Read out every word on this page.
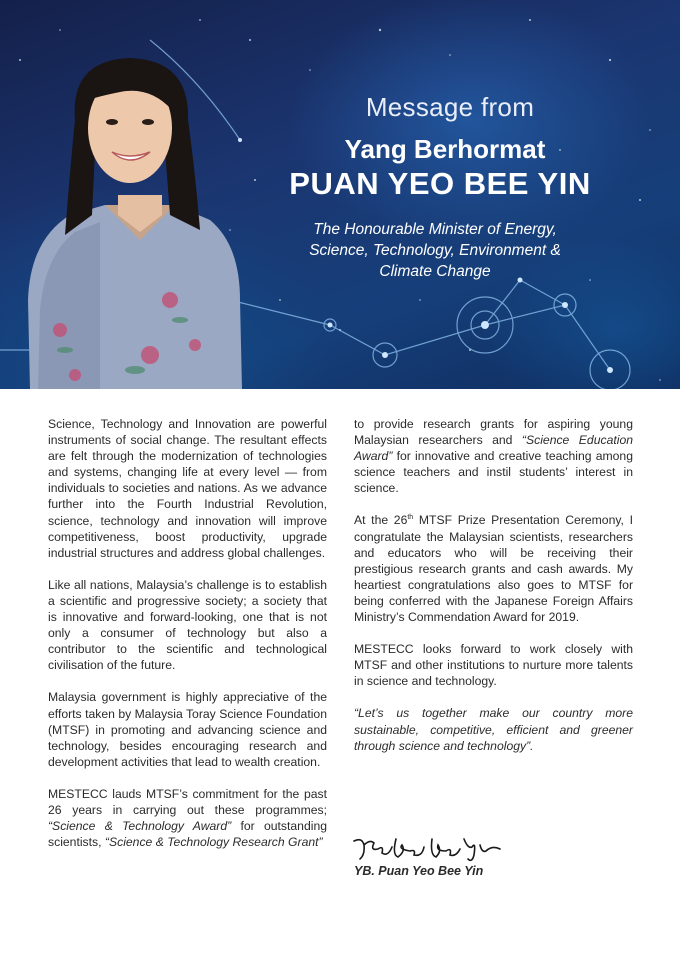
Message from
Yang Berhormat
PUAN YEO BEE YIN
The Honourable Minister of Energy,
Science, Technology, Environment &
Climate Change

Science, Technology and Innovation are powerful instruments of social change. The resultant effects are felt through the modernization of technologies and systems, changing life at every level — from individuals to societies and nations. As we advance further into the Fourth Industrial Revolution, science, technology and innovation will improve competitiveness, boost productivity, upgrade industrial structures and address global challenges.

Like all nations, Malaysia’s challenge is to establish a scientific and progressive society; a society that is innovative and forward-looking, one that is not only a consumer of technology but also a contributor to the scientific and technological civilisation of the future.

Malaysia government is highly appreciative of the efforts taken by Malaysia Toray Science Foundation (MTSF) in promoting and advancing science and technology, besides encouraging research and development activities that lead to wealth creation.

MESTECC lauds MTSF’s commitment for the past 26 years in carrying out these programmes; “Science & Technology Award” for outstanding scientists, “Science & Technology Research Grant”

to provide research grants for aspiring young Malaysian researchers and “Science Education Award” for innovative and creative teaching among science teachers and instil students’ interest in science.

At the 26th MTSF Prize Presentation Ceremony, I congratulate the Malaysian scientists, researchers and educators who will be receiving their prestigious research grants and cash awards. My heartiest congratulations also goes to MTSF for being conferred with the Japanese Foreign Affairs Ministry’s Commendation Award for 2019.

MESTECC looks forward to work closely with MTSF and other institutions to nurture more talents in science and technology.

“Let’s us together make our country more sustainable, competitive, efficient and greener through science and technology”.

YB. Puan Yeo Bee Yin
